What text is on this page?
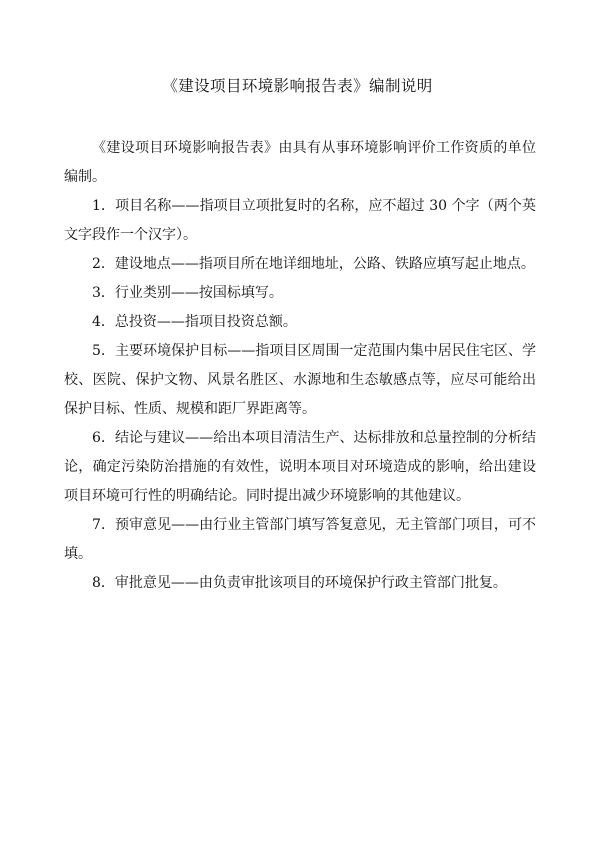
《建设项目环境影响报告表》编制说明

《建设项目环境影响报告表》由具有从事环境影响评价工作资质的单位编制。

1．项目名称——指项目立项批复时的名称，应不超过 30 个字（两个英文字段作一个汉字）。

2．建设地点——指项目所在地详细地址，公路、铁路应填写起止地点。

3．行业类别——按国标填写。

4．总投资——指项目投资总额。

5．主要环境保护目标——指项目区周围一定范围内集中居民住宅区、学校、医院、保护文物、风景名胜区、水源地和生态敏感点等，应尽可能给出保护目标、性质、规模和距厂界距离等。

6．结论与建议——给出本项目清洁生产、达标排放和总量控制的分析结论，确定污染防治措施的有效性，说明本项目对环境造成的影响，给出建设项目环境可行性的明确结论。同时提出减少环境影响的其他建议。

7．预审意见——由行业主管部门填写答复意见，无主管部门项目，可不填。

8．审批意见——由负责审批该项目的环境保护行政主管部门批复。
